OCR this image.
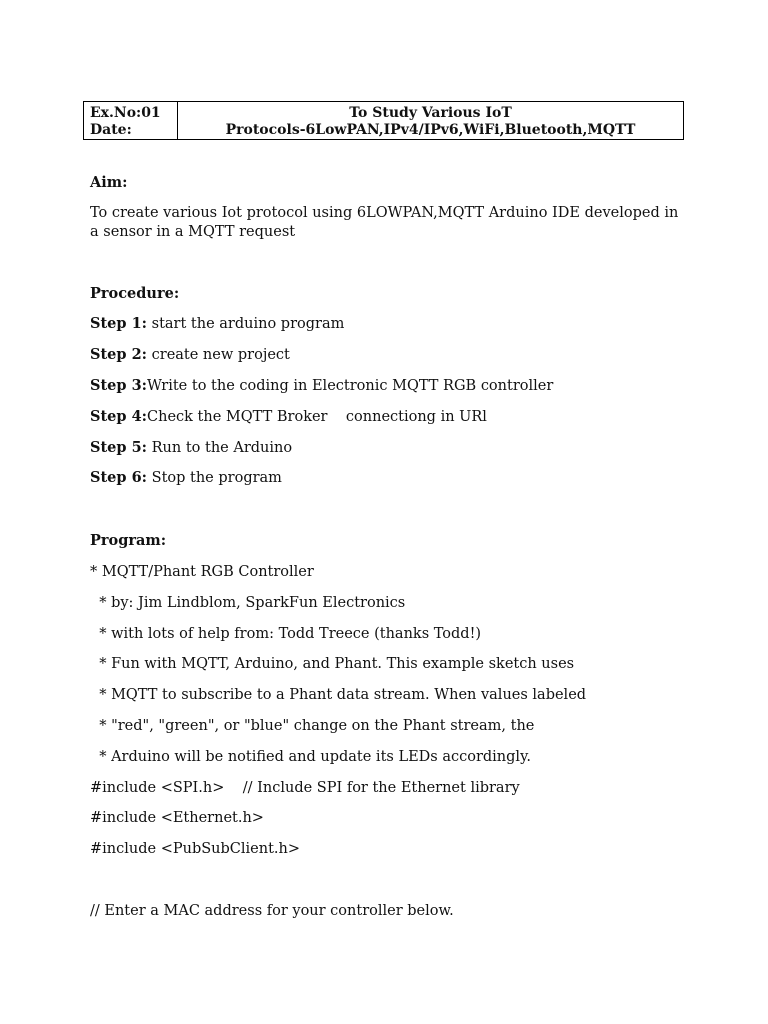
Ex.No:01
Date:
To Study Various IoT
Protocols-6LowPAN,IPv4/IPv6,WiFi,Bluetooth,MQTT
Aim:
To create various Iot protocol using 6LOWPAN,MQTT Arduino IDE developed in
a sensor in a MQTT request
Procedure:
Step 1: start the arduino program
Step 2: create new project
Step 3:Write to the coding in Electronic MQTT RGB controller
Step 4:Check the MQTT Broker    connectiong in URl
Step 5: Run to the Arduino
Step 6: Stop the program
Program:
* MQTT/Phant RGB Controller
* by: Jim Lindblom, SparkFun Electronics
* with lots of help from: Todd Treece (thanks Todd!)
* Fun with MQTT, Arduino, and Phant. This example sketch uses
* MQTT to subscribe to a Phant data stream. When values labeled
* "red", "green", or "blue" change on the Phant stream, the
* Arduino will be notified and update its LEDs accordingly.
#include <SPI.h>    // Include SPI for the Ethernet library
#include <Ethernet.h>
#include <PubSubClient.h>
// Enter a MAC address for your controller below.
